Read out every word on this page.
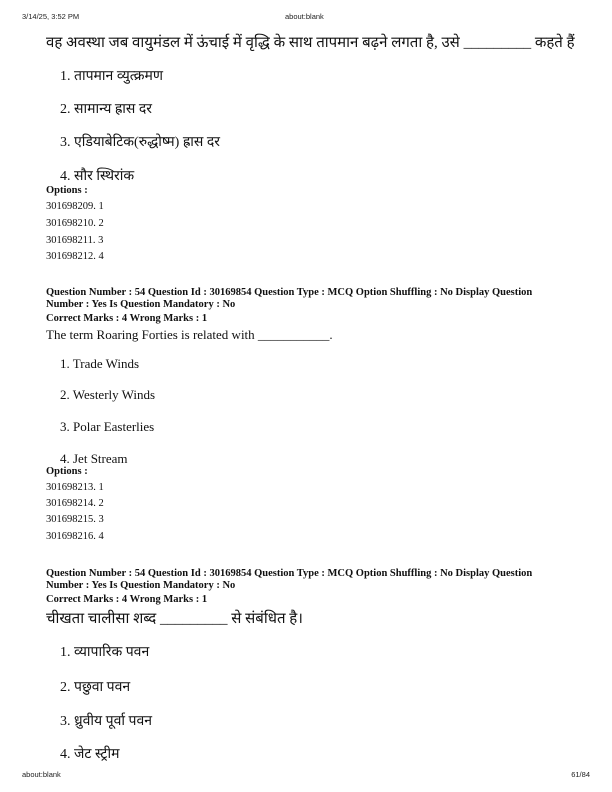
3/14/25, 3:52 PM	about:blank
वह अवस्था जब वायुमंडल में ऊंचाई में वृद्धि के साथ तापमान बढ़ने लगता है, उसे _________ कहते हैं
1. तापमान व्युत्क्रमण
2. सामान्य ह्रास दर
3. एडियाबेटिक(रुद्धोष्म) ह्रास दर
4. सौर स्थिरांक
Options :
301698209. 1
301698210. 2
301698211. 3
301698212. 4
Question Number : 54 Question Id : 30169854 Question Type : MCQ Option Shuffling : No Display Question
Number : Yes Is Question Mandatory : No
Correct Marks : 4 Wrong Marks : 1
The term Roaring Forties is related with ___________.
1. Trade Winds
2. Westerly Winds
3. Polar Easterlies
4. Jet Stream
Options :
301698213. 1
301698214. 2
301698215. 3
301698216. 4
Question Number : 54 Question Id : 30169854 Question Type : MCQ Option Shuffling : No Display Question
Number : Yes Is Question Mandatory : No
Correct Marks : 4 Wrong Marks : 1
चीखता चालीसा शब्द _________ से संबंधित है।
1. व्यापारिक पवन
2. पछुवा पवन
3. ध्रुवीय पूर्वा पवन
4. जेट स्ट्रीम
about:blank	61/84
